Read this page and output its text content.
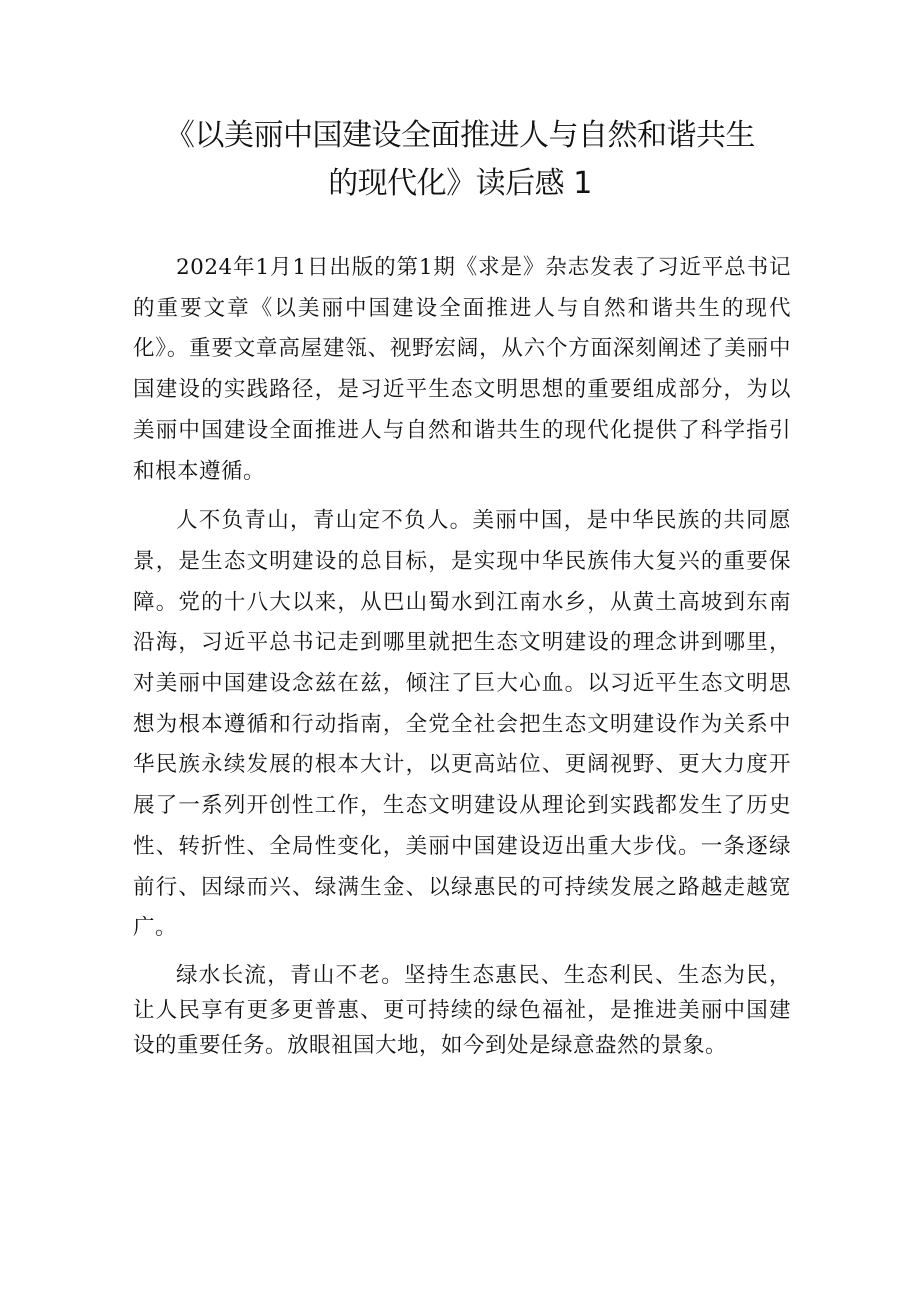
《以美丽中国建设全面推进人与自然和谐共生
的现代化》读后感 1

2024年1月1日出版的第1期《求是》杂志发表了习近平总书记的重要文章《以美丽中国建设全面推进人与自然和谐共生的现代化》。重要文章高屋建瓴、视野宏阔，从六个方面深刻阐述了美丽中国建设的实践路径，是习近平生态文明思想的重要组成部分，为以美丽中国建设全面推进人与自然和谐共生的现代化提供了科学指引和根本遵循。

人不负青山，青山定不负人。美丽中国，是中华民族的共同愿景，是生态文明建设的总目标，是实现中华民族伟大复兴的重要保障。党的十八大以来，从巴山蜀水到江南水乡，从黄土高坡到东南沿海，习近平总书记走到哪里就把生态文明建设的理念讲到哪里，对美丽中国建设念兹在兹，倾注了巨大心血。以习近平生态文明思想为根本遵循和行动指南，全党全社会把生态文明建设作为关系中华民族永续发展的根本大计，以更高站位、更阔视野、更大力度开展了一系列开创性工作，生态文明建设从理论到实践都发生了历史性、转折性、全局性变化，美丽中国建设迈出重大步伐。一条逐绿前行、因绿而兴、绿满生金、以绿惠民的可持续发展之路越走越宽广。

绿水长流，青山不老。坚持生态惠民、生态利民、生态为民，让人民享有更多更普惠、更可持续的绿色福祉，是推进美丽中国建设的重要任务。放眼祖国大地，如今到处是绿意盎然的景象。
